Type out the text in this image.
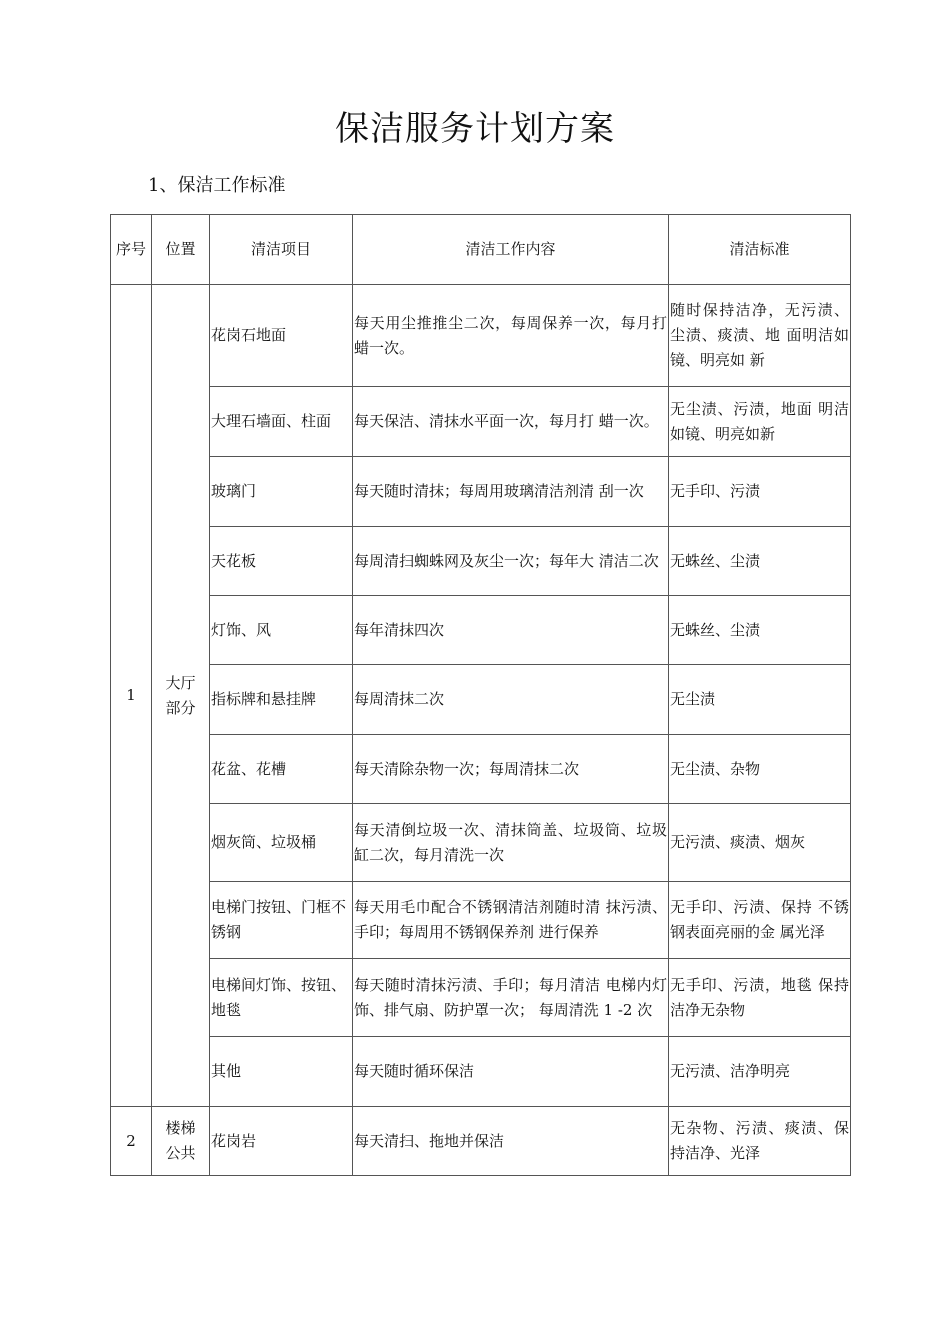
保洁服务计划方案
1、保洁工作标准
序号	位置	清洁项目	清洁工作内容	清洁标准
1	大厅部分	花岗石地面	每天用尘推推尘二次，每周保养一次，每月打蜡一次。	随时保持洁净，无污渍、尘渍、痰渍、地 面明洁如镜、明亮如 新
		大理石墙面、柱面	每天保洁、清抹水平面一次，每月打 蜡一次。	无尘渍、污渍，地面 明洁如镜、明亮如新
		玻璃门	每天随时清抹；每周用玻璃清洁剂清 刮一次	无手印、污渍
		天花板	每周清扫蜘蛛网及灰尘一次；每年大 清洁二次	无蛛丝、尘渍
		灯饰、风	每年清抹四次	无蛛丝、尘渍
		指标牌和悬挂牌	每周清抹二次	无尘渍
		花盆、花槽	每天清除杂物一次；每周清抹二次	无尘渍、杂物
		烟灰筒、垃圾桶	每天清倒垃圾一次、清抹筒盖、垃圾筒、垃圾缸二次，每月清洗一次	无污渍、痰渍、烟灰
		电梯门按钮、门框不锈钢	每天用毛巾配合不锈钢清洁剂随时清 抹污渍、手印；每周用不锈钢保养剂 进行保养	无手印、污渍、保持 不锈钢表面亮丽的金 属光泽
		电梯间灯饰、按钮、地毯	每天随时清抹污渍、手印；每月清洁 电梯内灯饰、排气扇、防护罩一次； 每周清洗 1 -2 次	无手印、污渍，地毯 保持洁净无杂物
		其他	每天随时循环保洁	无污渍、洁净明亮
2	楼梯公共	花岗岩	每天清扫、拖地并保洁	无杂物、污渍、痰渍、保持洁净、光泽
